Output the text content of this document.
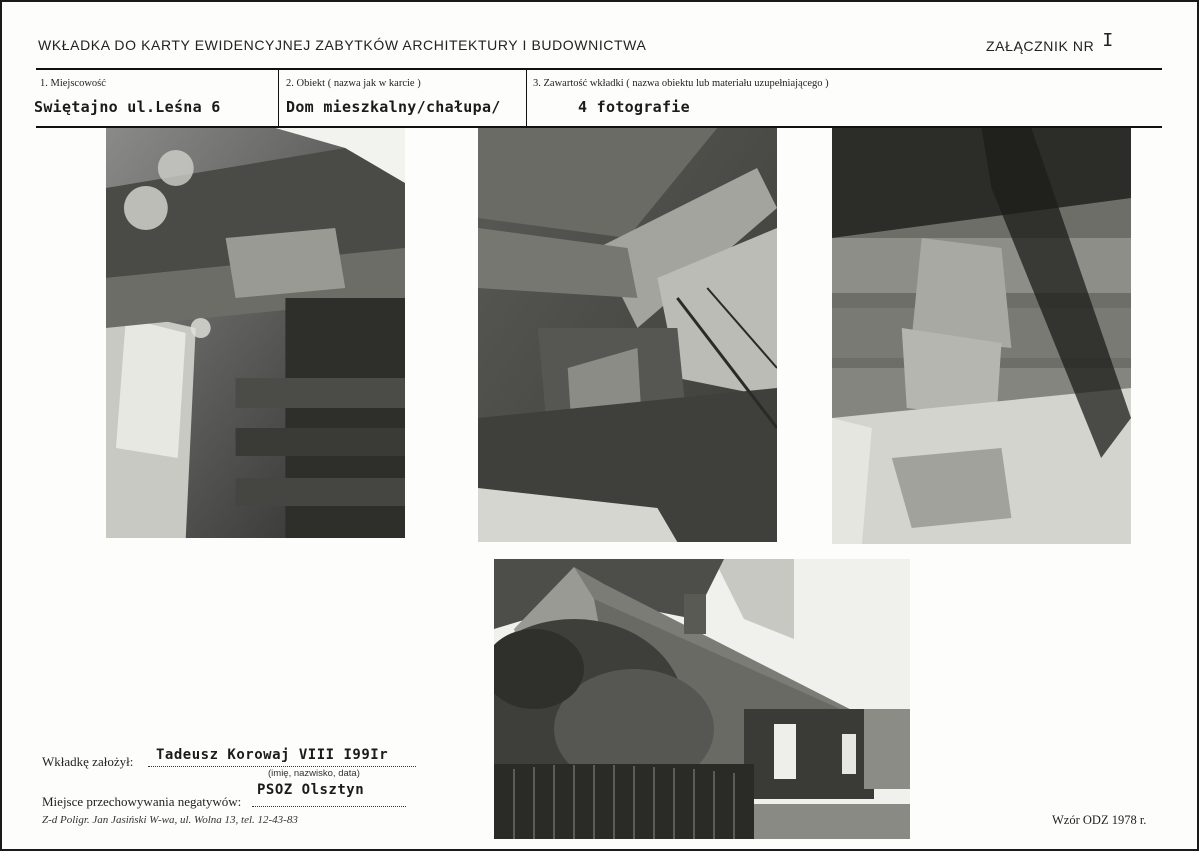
WKŁADKA DO KARTY EWIDENCYJNEJ ZABYTKÓW ARCHITEKTURY I BUDOWNICTWA	ZAŁĄCZNIK NR I
1. Miejscowość
Swiętajno ul.Leśna 6
2. Obiekt ( nazwa jak w karcie )
Dom mieszkalny/chałupa/
3. Zawartość wkładki ( nazwa obiektu lub materiału uzupełniającego )
4 fotografie
Wkładkę założył: Tadeusz Korowaj VIII I99Ir
(imię, nazwisko, data)
Miejsce przechowywania negatywów:
PSOZ Olsztyn
Z-d Poligr. Jan Jasiński W-wa, ul. Wolna 13, tel. 12-43-83	Wzór ODZ 1978 r.
